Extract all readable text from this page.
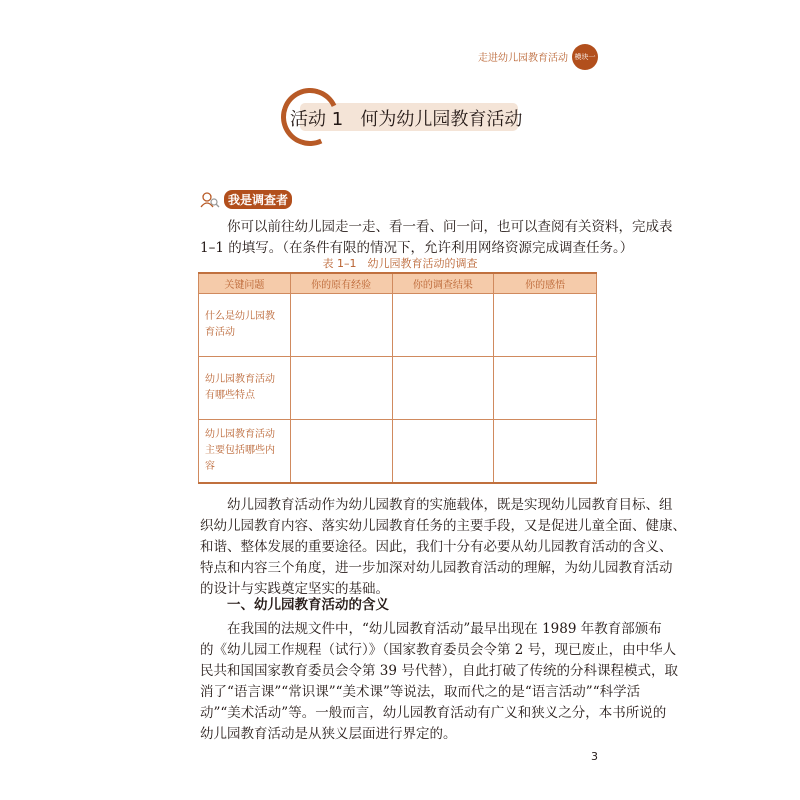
走进幼儿园教育活动 模块一
活动 1   何为幼儿园教育活动
我是调查者
你可以前往幼儿园走一走、看一看、问一问，也可以查阅有关资料，完成表
1–1 的填写。（在条件有限的情况下，允许利用网络资源完成调查任务。）
表 1–1　幼儿园教育活动的调查
关键问题	你的原有经验	你的调查结果	你的感悟
什么是幼儿园教育活动			
幼儿园教育活动有哪些特点			
幼儿园教育活动主要包括哪些内容			
幼儿园教育活动作为幼儿园教育的实施载体，既是实现幼儿园教育目标、组
织幼儿园教育内容、落实幼儿园教育任务的主要手段，又是促进儿童全面、健康、
和谐、整体发展的重要途径。因此，我们十分有必要从幼儿园教育活动的含义、
特点和内容三个角度，进一步加深对幼儿园教育活动的理解，为幼儿园教育活动
的设计与实践奠定坚实的基础。
一、幼儿园教育活动的含义
在我国的法规文件中，“幼儿园教育活动”最早出现在 1989 年教育部颁布
的《幼儿园工作规程（试行）》（国家教育委员会令第 2 号，现已废止，由中华人
民共和国国家教育委员会令第 39 号代替），自此打破了传统的分科课程模式，取
消了“语言课”“常识课”“美术课”等说法，取而代之的是“语言活动”“科学活
动”“美术活动”等。一般而言，幼儿园教育活动有广义和狭义之分，本书所说的
幼儿园教育活动是从狭义层面进行界定的。
3
